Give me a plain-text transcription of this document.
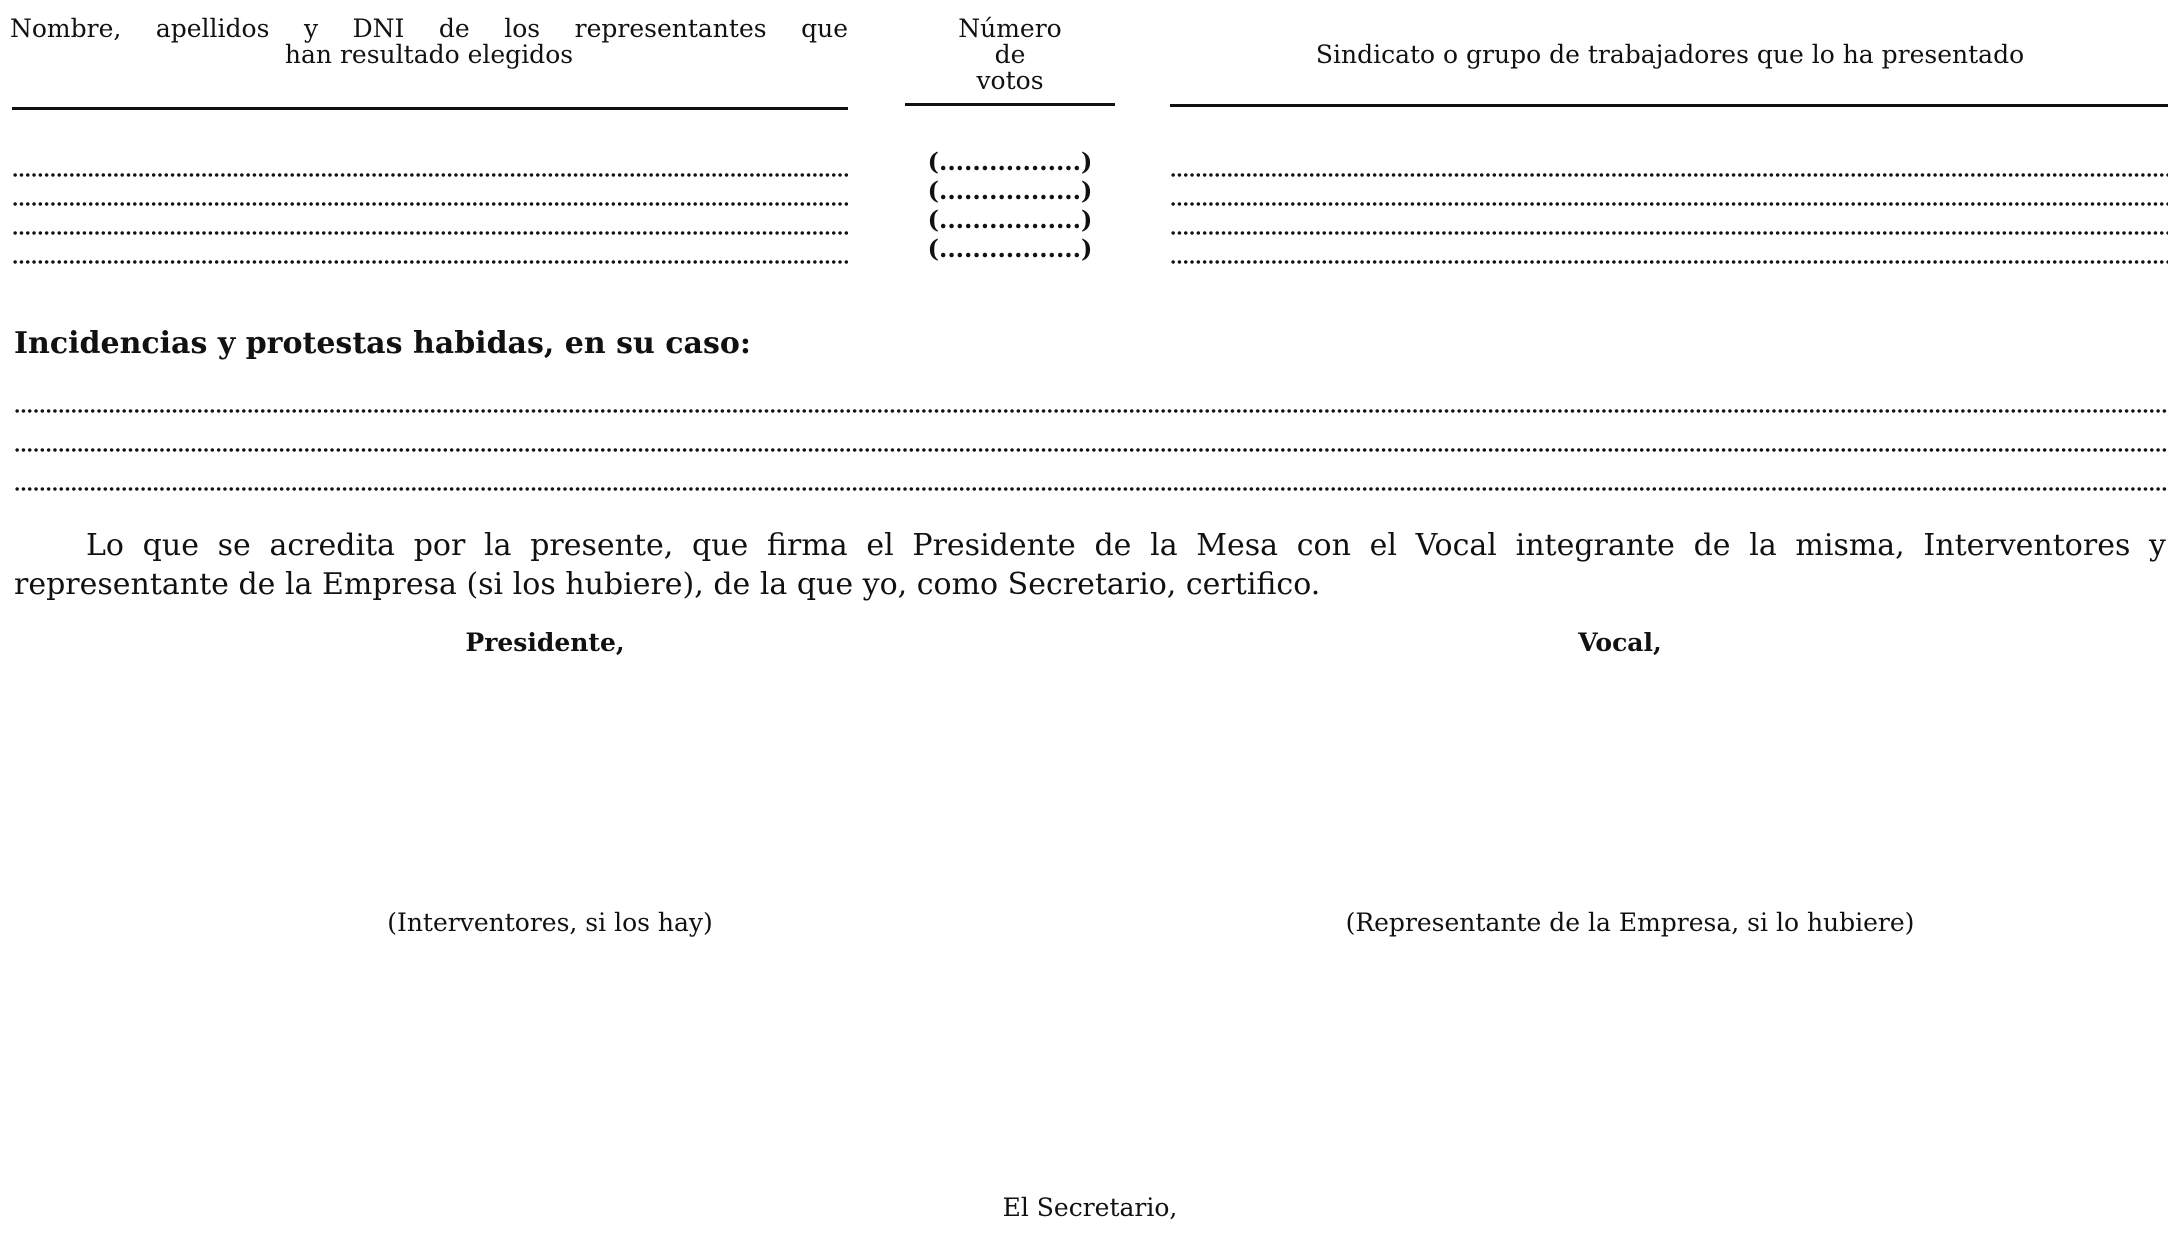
Nombre, apellidos y DNI de los representantes que
han resultado elegidos
Número
de
votos
Sindicato o grupo de trabajadores que lo ha presentado
(.................)
(.................)
(.................)
(.................)
Incidencias y protestas habidas, en su caso:
Lo que se acredita por la presente, que firma el Presidente de la Mesa con el Vocal integrante de la misma, Interventores y representante de la Empresa (si los hubiere), de la que yo, como Secretario, certifico.
Presidente,	Vocal,
(Interventores, si los hay)	(Representante de la Empresa, si lo hubiere)
El Secretario,
